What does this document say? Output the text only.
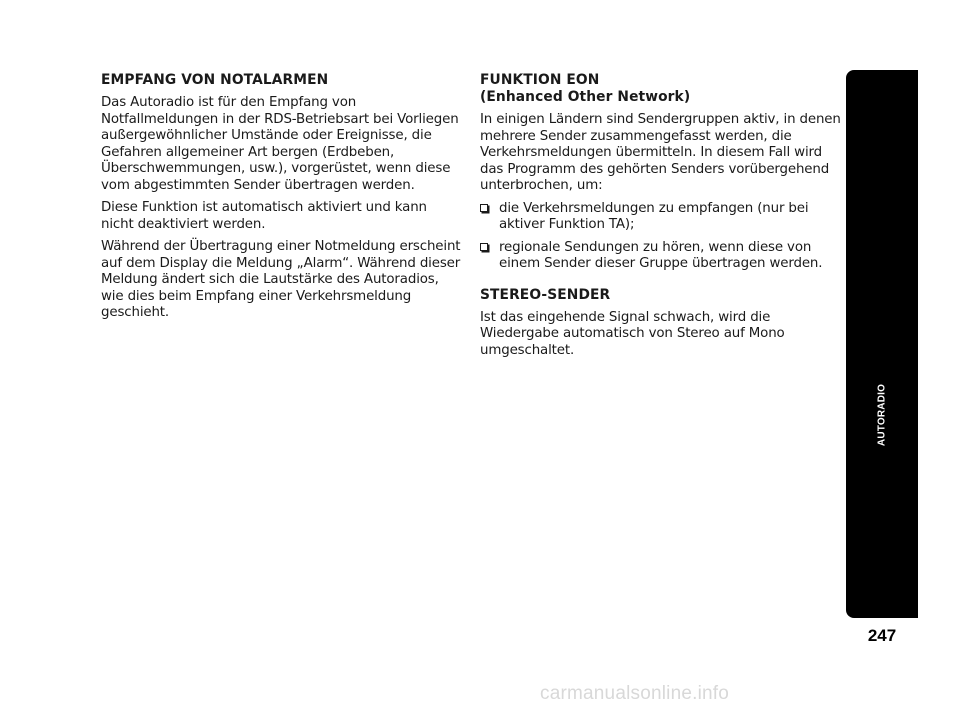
EMPFANG VON NOTALARMEN

Das Autoradio ist für den Empfang von Notfallmeldungen in der RDS-Betriebsart bei Vorliegen außergewöhnlicher Umstände oder Ereignisse, die Gefahren allgemeiner Art bergen (Erdbeben, Überschwemmungen, usw.), vorgerüstet, wenn diese vom abgestimmten Sender übertragen werden.

Diese Funktion ist automatisch aktiviert und kann nicht deaktiviert werden.

Während der Übertragung einer Notmeldung erscheint auf dem Display die Meldung „Alarm“. Während dieser Meldung ändert sich die Lautstärke des Autoradios, wie dies beim Empfang einer Verkehrsmeldung geschieht.

FUNKTION EON
(Enhanced Other Network)

In einigen Ländern sind Sendergruppen aktiv, in denen mehrere Sender zusammengefasst werden, die Verkehrsmeldungen übermitteln. In diesem Fall wird das Programm des gehörten Senders vorübergehend unterbrochen, um:

die Verkehrsmeldungen zu empfangen (nur bei aktiver Funktion TA);
regionale Sendungen zu hören, wenn diese von einem Sender dieser Gruppe übertragen werden.
STEREO-SENDER

Ist das eingehende Signal schwach, wird die Wiedergabe automatisch von Stereo auf Mono umgeschaltet.

AUTORADIO
247
carmanualsonline.info
